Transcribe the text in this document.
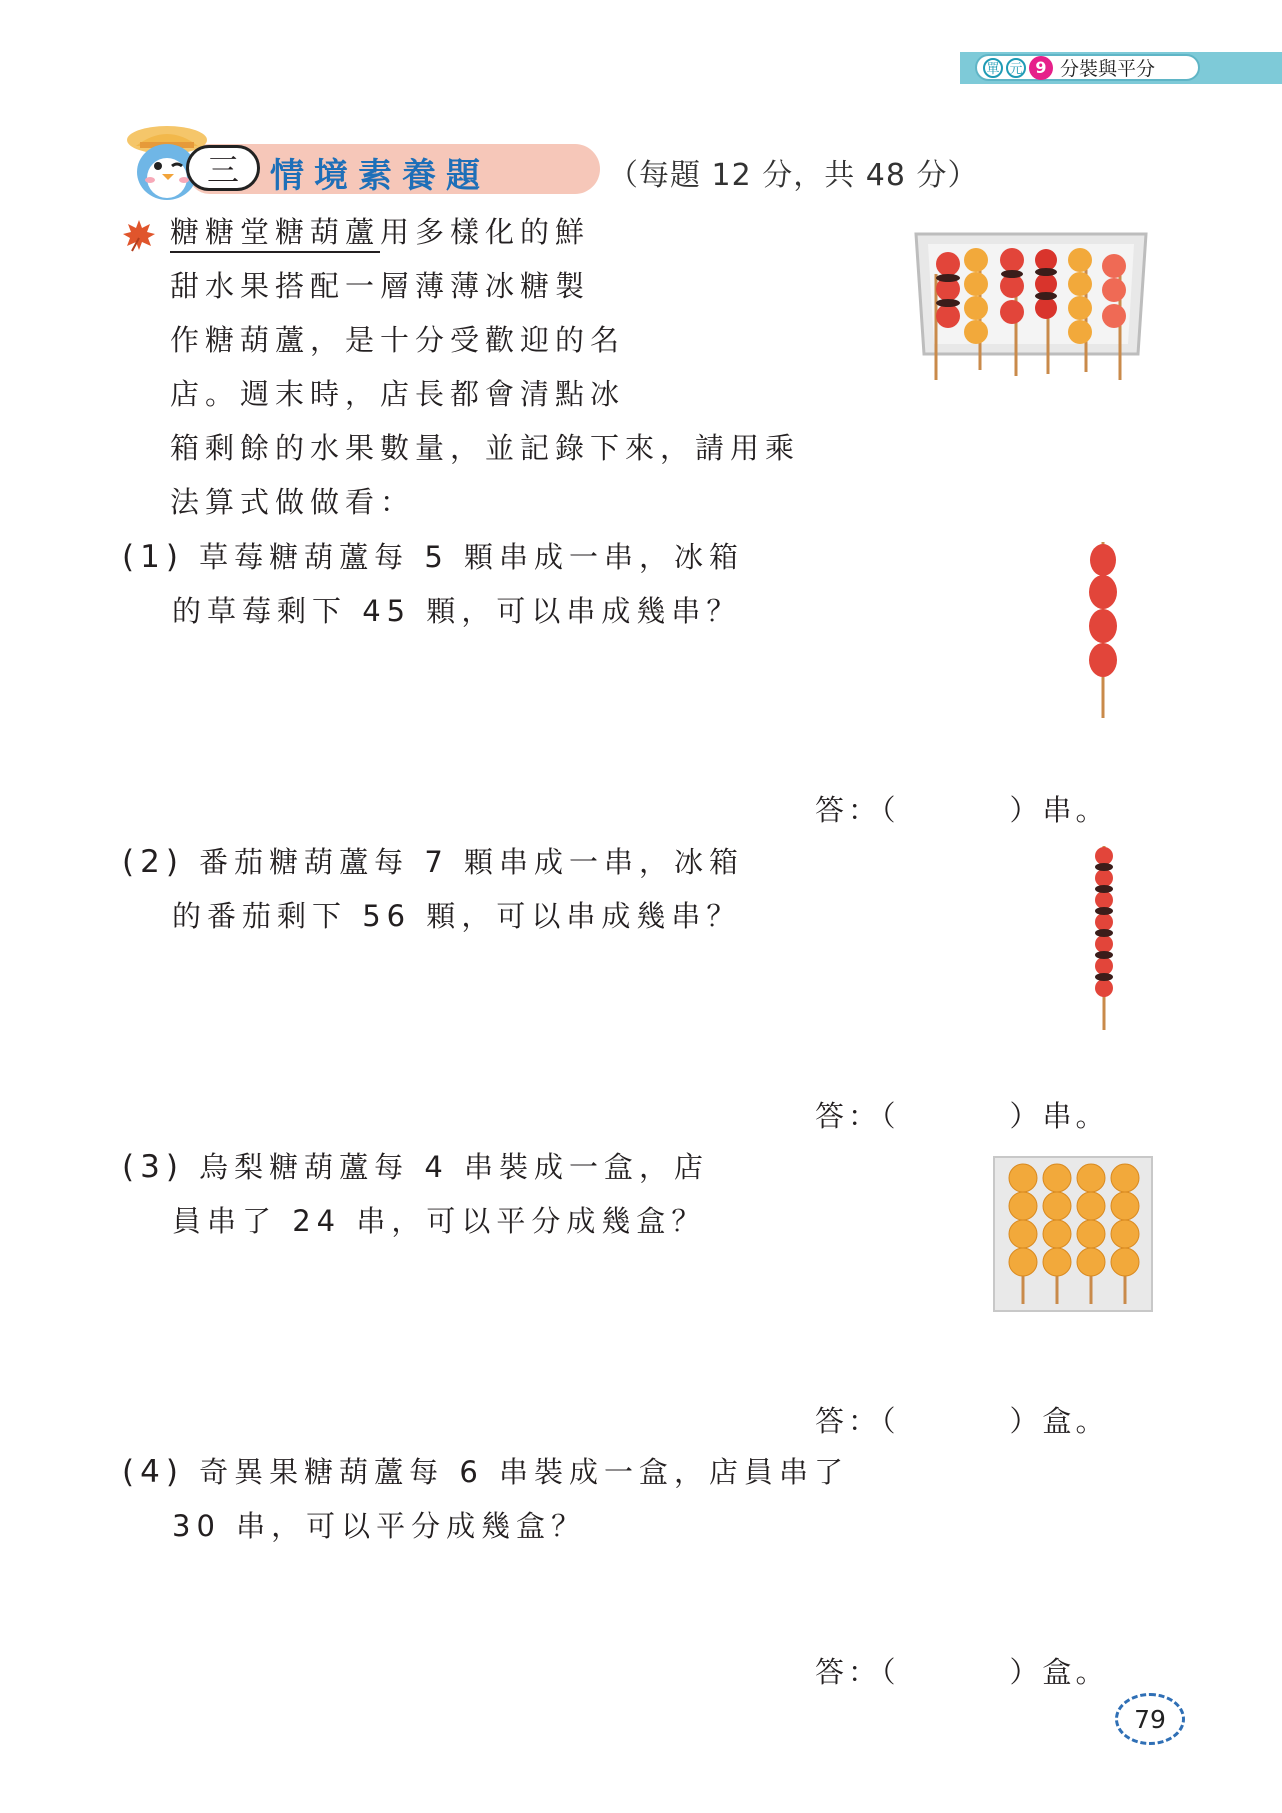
單 元 9 分裝與平分
三 情境素養題	（每題 12 分，共 48 分）
糖糖堂糖葫蘆用多樣化的鮮
甜水果搭配一層薄薄冰糖製
作糖葫蘆，是十分受歡迎的名
店。週末時，店長都會清點冰
箱剩餘的水果數量，並記錄下來，請用乘
法算式做做看：
(1) 草莓糖葫蘆每 5 顆串成一串，冰箱
的草莓剩下 45 顆，可以串成幾串？
答：（	）串。
(2) 番茄糖葫蘆每 7 顆串成一串，冰箱
的番茄剩下 56 顆，可以串成幾串？
答：（	）串。
(3) 烏梨糖葫蘆每 4 串裝成一盒，店
員串了 24 串，可以平分成幾盒？
答：（	）盒。
(4) 奇異果糖葫蘆每 6 串裝成一盒，店員串了
30 串，可以平分成幾盒？
答：（	）盒。
79
